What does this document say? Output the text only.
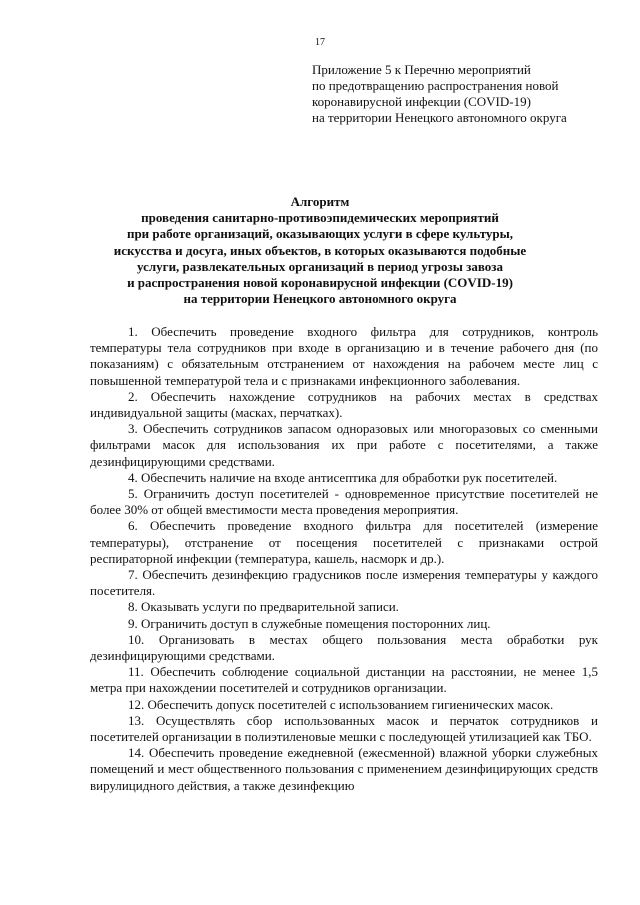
17
Приложение 5 к Перечню мероприятий
по предотвращению распространения новой
коронавирусной инфекции (COVID-19)
на территории Ненецкого автономного округа
Алгоритм
проведения санитарно-противоэпидемических мероприятий
при работе организаций, оказывающих услуги в сфере культуры,
искусства и досуга, иных объектов, в которых оказываются подобные
услуги, развлекательных организаций в период угрозы завоза
и распространения новой коронавирусной инфекции (COVID-19)
на территории Ненецкого автономного округа

1. Обеспечить проведение входного фильтра для сотрудников, контроль температуры тела сотрудников при входе в организацию и в течение рабочего дня (по показаниям) с обязательным отстранением от нахождения на рабочем месте лиц с повышенной температурой тела и с признаками инфекционного заболевания.

2. Обеспечить нахождение сотрудников на рабочих местах в средствах индивидуальной защиты (масках, перчатках).

3. Обеспечить сотрудников запасом одноразовых или многоразовых со сменными фильтрами масок для использования их при работе с посетителями, а также дезинфицирующими средствами.

4. Обеспечить наличие на входе антисептика для обработки рук посетителей.

5. Ограничить доступ посетителей - одновременное присутствие посетителей не более 30% от общей вместимости места проведения мероприятия.

6. Обеспечить проведение входного фильтра для посетителей (измерение температуры), отстранение от посещения посетителей с признаками острой респираторной инфекции (температура, кашель, насморк и др.).

7. Обеспечить дезинфекцию градусников после измерения температуры у каждого посетителя.

8. Оказывать услуги по предварительной записи.

9. Ограничить доступ в служебные помещения посторонних лиц.

10. Организовать в местах общего пользования места обработки рук дезинфицирующими средствами.

11. Обеспечить соблюдение социальной дистанции на расстоянии, не менее 1,5 метра при нахождении посетителей и сотрудников организации.

12. Обеспечить допуск посетителей с использованием гигиенических масок.

13. Осуществлять сбор использованных масок и перчаток сотрудников и посетителей организации в полиэтиленовые мешки с последующей утилизацией как ТБО.

14. Обеспечить проведение ежедневной (ежесменной) влажной уборки служебных помещений и мест общественного пользования с применением дезинфицирующих средств вирулицидного действия, а также дезинфекцию
